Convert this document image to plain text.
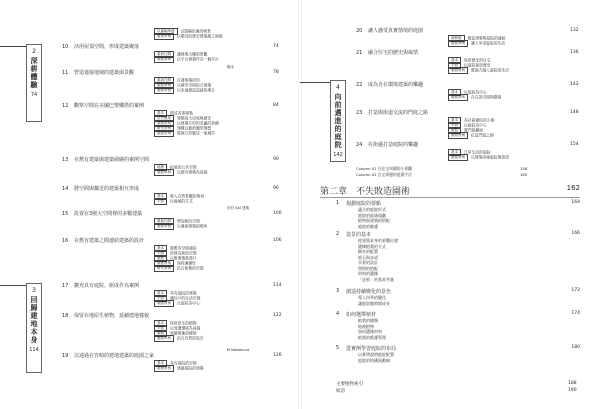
2
深耕體驗
74
3
回歸建地本身
114
以篇幅串連 以篇幅串連的場景
重要實例 以鄰近的歷史建築風土地貌
10 活用屋頂空間，形成建築聚落	74
重新打開 讓建築大樓的景觀
重點實例 以平台建築作為一個平台
11 營造連接地域的建築與景觀	78
橋本
重新打開 打通建築的形
重點實例 以城市空間結合建築
重點實例 以本地建造造就的場合
12 觀察空間在美國巴黎鐵塔的案例	84
基本 描述各項建築
自然風景 建築的大房屋與歷史
重點實例 以建築方形的美麗的延續
研究實例 建構以藝術圖型理想
重點實例 將地方型變成一座城市
13 在舊有建築與建築圍繞的案例空間	90
地理 拓展的公共空間
重點實例 以既有建築為前提
14 將空間與鄰近的建築相互形成	96
基本 導入自然景觀的佈局
平面 以地域的方式
15 設置在3層大空間裡的多數建築	100
田村 SAI 建築
重新打開 增加新的空間
重點實例 以連接建築的場所
16 在舊有建築之間連結建築的設計	106
基本 將舊有空間連結
平面 改建為新的空間
重點 以舊建築來進行
重點實例 保持連續性
研究實例 結合新舊的空間
17 擴充具有庭院、組成作為案例	114
基本 具有庭院的建築
平面 讓住戶的生活空間
重點實例 以庭院為中心
18 保留在地原生植物，延續建地樣貌	122
基本 保留原生的植物
平面 以周遭環境為前提
重點 延續建地的樣貌
重點實例 結合自然的設計
19 以通過在宮崎的建地建築的庭園之家	126
M Nakamura
基本 具有庭院的空間
重點實例 通過庭院的建築
4
向前邁進的庭院
142
20 讓人感受真實情境的庭園	132
新開窗 創造建築與庭院的連接
重點實例 讓人享受庭院的生活
21 融合住宅的歷史與風情	136
基本 保留歷史的住宅
平面 以庭院保留歷史
重點實例 將地方融入庭院的生活
22 成為自在環境建築的樂趣	142
基本 以庭院為中心
重點實例 自在的空間與環境
23 打造與街道交流的門庭之路	148
基本 為社區連結的小路
平面 以庭院為中心
重點 將門庭擴展
重點實例 打造門庭之路
24 在街邊打造庭院的樂趣	154
基本 日常生活的庭院
重點實例 以建築串連庭院與街道
Column 01 在住宅周圍的小景觀	158
Column 02 住宅周邊的庭園手法	160
第二章　不失敗造園術	162
1 規劃庭院的要點	164
適合的庭院形式
庭院的區域規劃
植物與建築的搭配
庭院的維護
2 造景的基本	166
從建築本身的景觀出發
選擇植栽的方式
樹木的配置
庭石與步道
水景的設計
照明的搭配
材料的選擇
「造景」的基本考量
3 創造持續變化的景色	172
導入四季的變化
讓庭院隨時間成長
4 如何選擇植材	174
植栽的種類
地被植物
如何選擇材料
植栽的維護管理
5 從實例學習庭院的布局	180
以實例說明庭院配置
庭院的結構與動線
主要植物索引	188
結語	190
